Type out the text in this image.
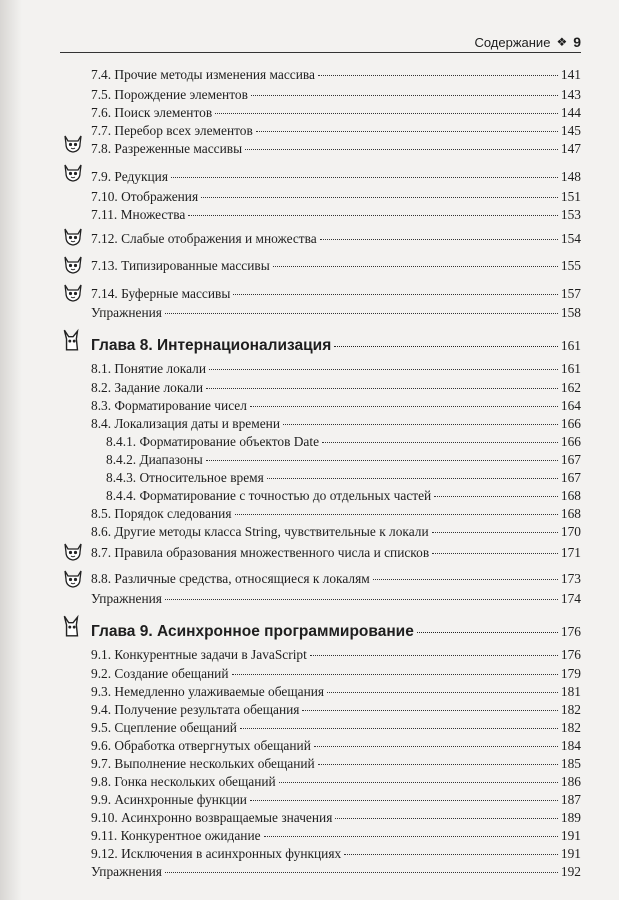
Содержание ❖ 9
7.4. Прочие методы изменения массива	141
7.5. Порождение элементов	143
7.6. Поиск элементов	144
7.7. Перебор всех элементов	145
7.8. Разреженные массивы	147
7.9. Редукция	148
7.10. Отображения	151
7.11. Множества	153
7.12. Слабые отображения и множества	154
7.13. Типизированные массивы	155
7.14. Буферные массивы	157
Упражнения	158
Глава 8. Интернационализация	161
8.1. Понятие локали	161
8.2. Задание локали	162
8.3. Форматирование чисел	164
8.4. Локализация даты и времени	166
8.4.1. Форматирование объектов Date	166
8.4.2. Диапазоны	167
8.4.3. Относительное время	167
8.4.4. Форматирование с точностью до отдельных частей	168
8.5. Порядок следования	168
8.6. Другие методы класса String, чувствительные к локали	170
8.7. Правила образования множественного числа и списков	171
8.8. Различные средства, относящиеся к локалям	173
Упражнения	174
Глава 9. Асинхронное программирование	176
9.1. Конкурентные задачи в JavaScript	176
9.2. Создание обещаний	179
9.3. Немедленно улаживаемые обещания	181
9.4. Получение результата обещания	182
9.5. Сцепление обещаний	182
9.6. Обработка отвергнутых обещаний	184
9.7. Выполнение нескольких обещаний	185
9.8. Гонка нескольких обещаний	186
9.9. Асинхронные функции	187
9.10. Асинхронно возвращаемые значения	189
9.11. Конкурентное ожидание	191
9.12. Исключения в асинхронных функциях	191
Упражнения	192
